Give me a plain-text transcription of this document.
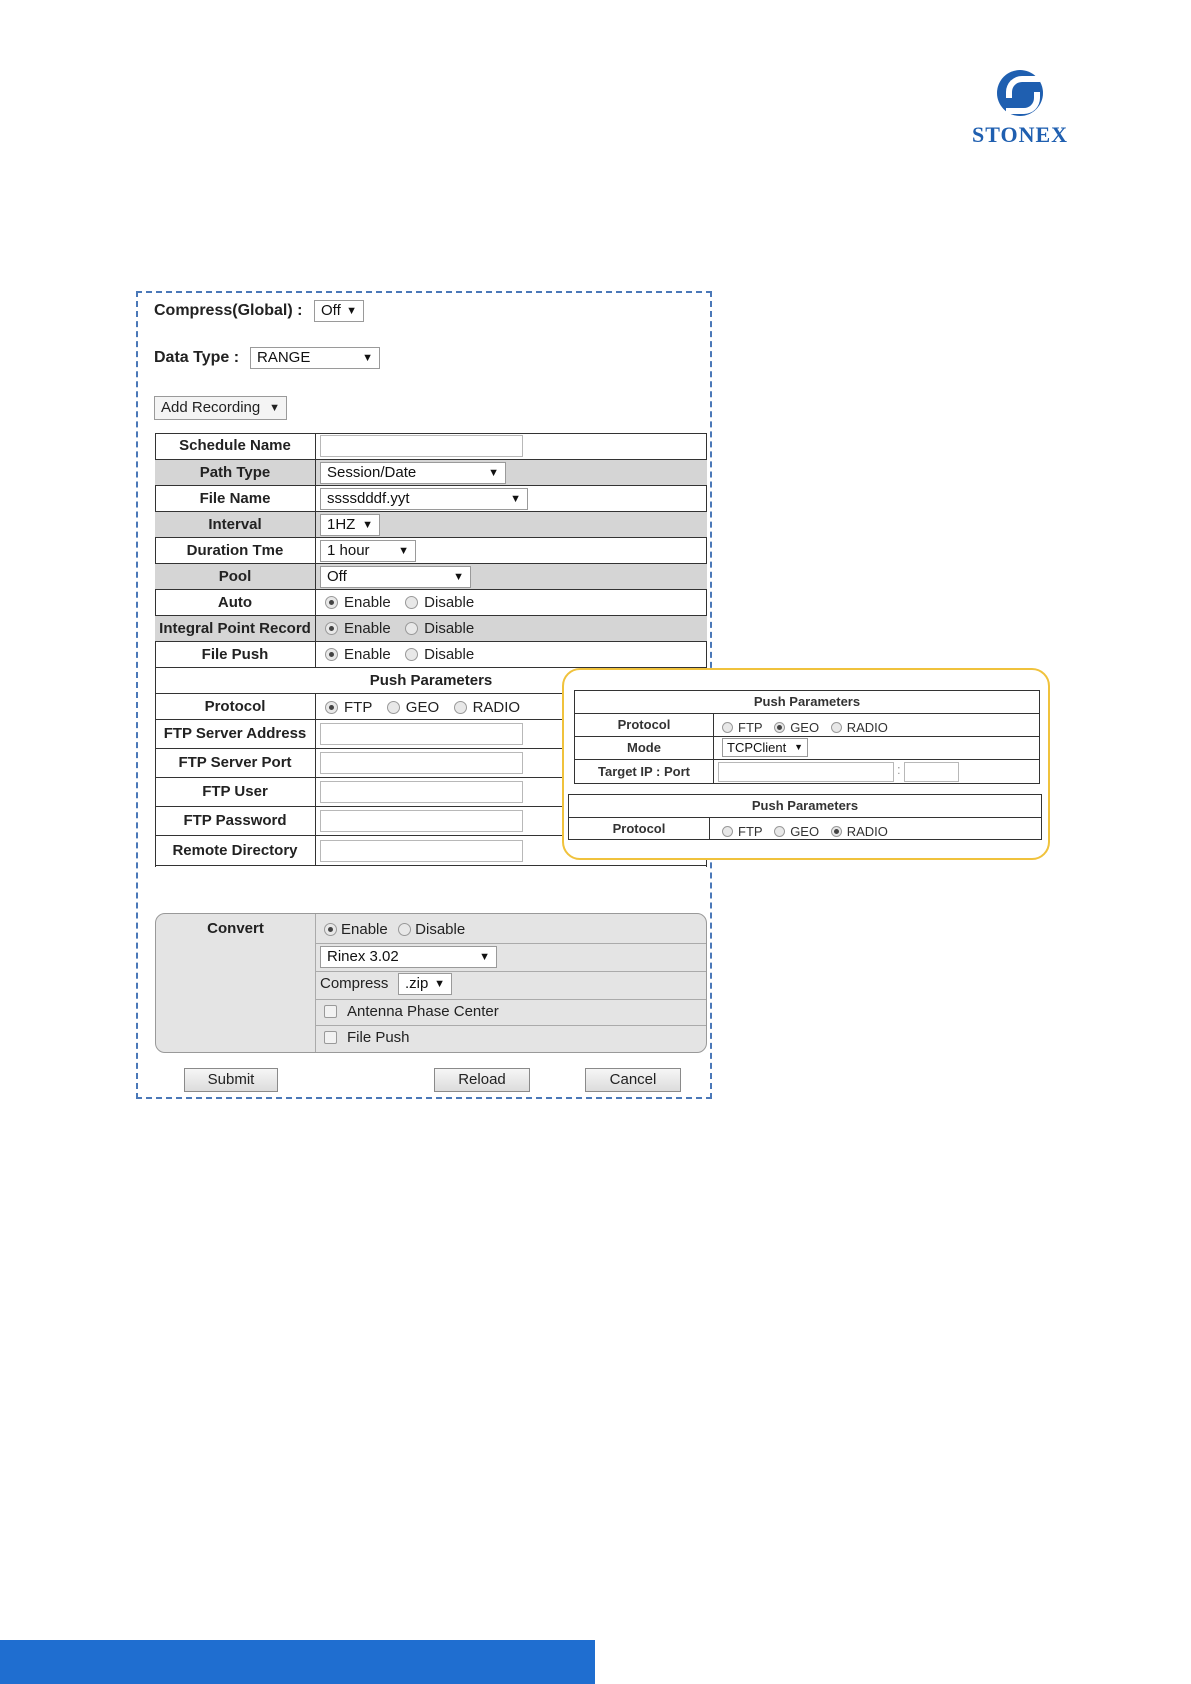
STONEX
Compress(Global) :	Off ▼
Data Type :	RANGE	▼
Add Recording ▼
Schedule Name
Path Type	Session/Date	▼
File Name	ssssdddf.yyt	▼
Interval	1HZ ▼
Duration Tme	1 hour	▼
Pool	Off	▼
Auto	Enable Disable
Integral Point Record	Enable Disable
File Push	Enable Disable
Push Parameters
Protocol	FTP GEO RADIO
FTP Server Address
FTP Server Port
FTP User
FTP Password
Remote Directory
Convert	Enable Disable
Rinex 3.02	▼
Compress	.zip ▼
Antenna Phase Center
File Push
Submit	Reload	Cancel
Push Parameters
Protocol	FTP GEO RADIO
Mode	TCPClient ▼
Target IP : Port	:
Push Parameters
Protocol	FTP GEO RADIO
